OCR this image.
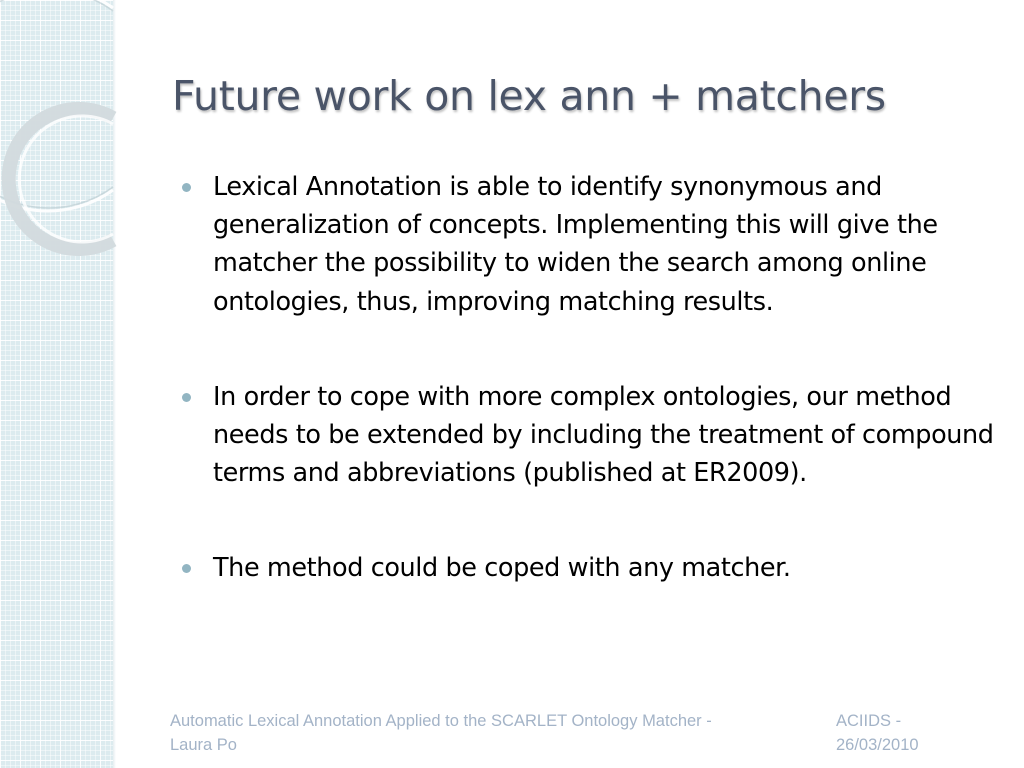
Future work on lex ann + matchers
Lexical Annotation is able to identify synonymous and generalization of concepts. Implementing this will give the matcher the possibility to widen the search among online ontologies, thus, improving matching results.
In order to cope with more complex ontologies, our method needs to be extended by including the treatment of compound terms and abbreviations (published at ER2009).
The method could be coped with any matcher.
Automatic Lexical Annotation Applied to the SCARLET Ontology Matcher -
Laura Po
ACIIDS -
26/03/2010
